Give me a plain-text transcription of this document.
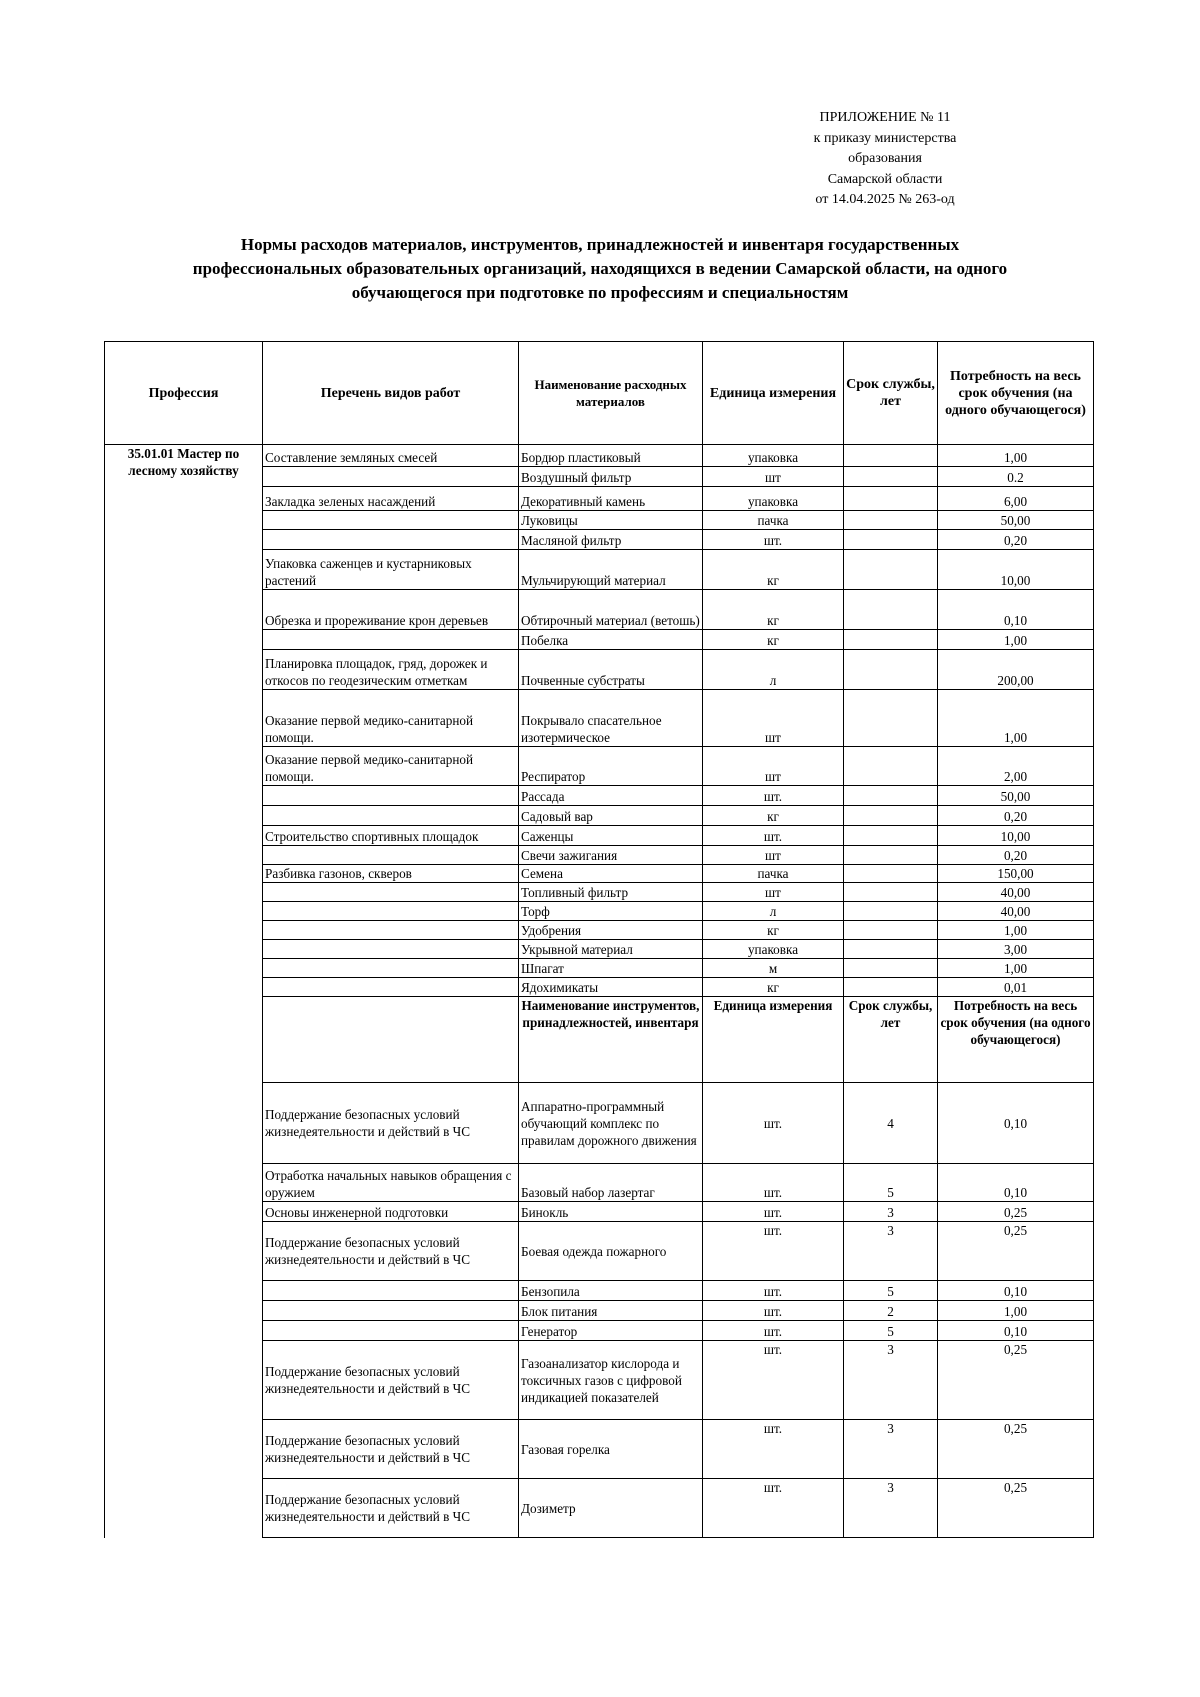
ПРИЛОЖЕНИЕ № 11
к приказу министерства
образования
Самарской области
от 14.04.2025 № 263-од
Нормы расходов материалов, инструментов, принадлежностей и инвентаря государственных
профессиональных образовательных организаций, находящихся в ведении Самарской области, на одного
обучающегося при подготовке по профессиям и специальностям
Профессия	Перечень видов работ	Наименование расходных материалов	Единица измерения	Срок службы, лет	Потребность на весь срок обучения (на одного обучающегося)
35.01.01 Мастер по лесному хозяйству	Составление земляных смесей	Бордюр пластиковый	упаковка		1,00
		Воздушный фильтр	шт		0.2
	Закладка зеленых насаждений	Декоративный камень	упаковка		6,00
		Луковицы	пачка		50,00
		Масляной фильтр	шт.		0,20
	Упаковка саженцев и кустарниковых растений	Мульчирующий материал	кг		10,00
	Обрезка и прореживание крон деревьев	Обтирочный материал (ветошь)	кг		0,10
		Побелка	кг		1,00
	Планировка площадок, гряд, дорожек и откосов по геодезическим отметкам	Почвенные субстраты	л		200,00
	Оказание первой медико-санитарной помощи.	Покрывало спасательное изотермическое	шт		1,00
	Оказание первой медико-санитарной помощи.	Респиратор	шт		2,00
		Рассада	шт.		50,00
		Садовый вар	кг		0,20
	Строительство спортивных площадок	Саженцы	шт.		10,00
		Свечи зажигания	шт		0,20
	Разбивка газонов, скверов	Семена	пачка		150,00
		Топливный фильтр	шт		40,00
		Торф	л		40,00
		Удобрения	кг		1,00
		Укрывной материал	упаковка		3,00
		Шпагат	м		1,00
		Ядохимикаты	кг		0,01
		Наименование инструментов, принадлежностей, инвентаря	Единица измерения	Срок службы, лет	Потребность на весь срок обучения (на одного обучающегося)
	Поддержание безопасных условий жизнедеятельности и действий в ЧС	Аппаратно-программный обучающий комплекс по правилам дорожного движения	шт.	4	0,10
	Отработка начальных навыков обращения с оружием	Базовый набор лазертаг	шт.	5	0,10
	Основы инженерной подготовки	Бинокль	шт.	3	0,25
	Поддержание безопасных условий жизнедеятельности и действий в ЧС	Боевая одежда пожарного	шт.	3	0,25
		Бензопила	шт.	5	0,10
		Блок питания	шт.	2	1,00
		Генератор	шт.	5	0,10
	Поддержание безопасных условий жизнедеятельности и действий в ЧС	Газоанализатор кислорода и токсичных газов с цифровой индикацией показателей	шт.	3	0,25
	Поддержание безопасных условий жизнедеятельности и действий в ЧС	Газовая горелка	шт.	3	0,25
	Поддержание безопасных условий жизнедеятельности и действий в ЧС	Дозиметр	шт.	3	0,25
